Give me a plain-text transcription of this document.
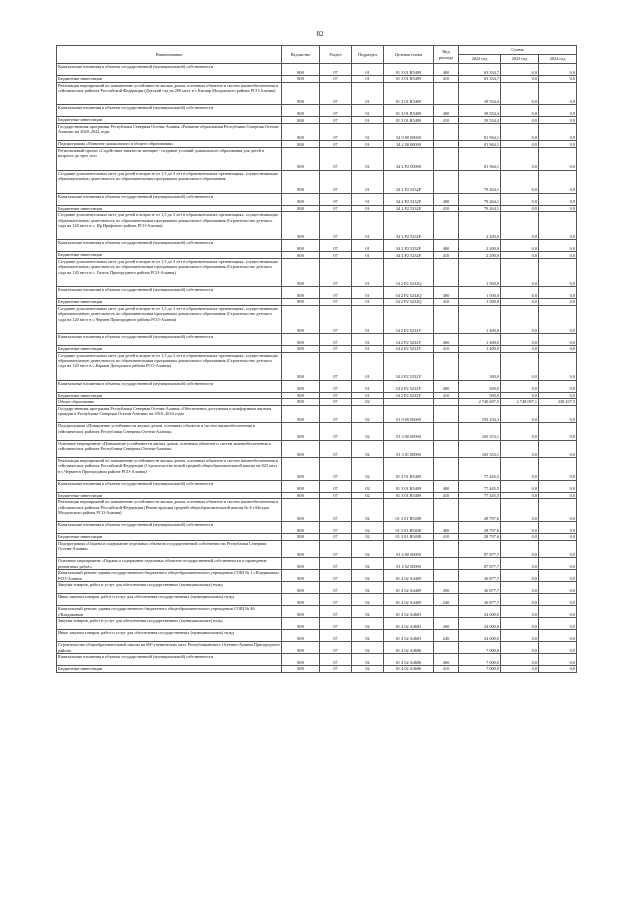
82
Наименование	Ведомство	Раздел	Подраздел	Целевая статья	Вид расхода	Сумма		
						2022 год	2023 год	2024 год
Капитальные вложения в объекты государственной (муниципальной) собственности	808	07	01	01 3 01 R5409	400	63 334,7	0,0	0,0
Бюджетные инвестиции	808	07	01	01 3 01 R5409	410	63 334,7	0,0	0,0
Реализация мероприятий по повышению устойчивости жилых домов, основных объектов и систем жизнеобеспечения в сейсмических районах Российской Федерации (Детский сад на 280 мест в с.Кизляр Моздокского района РСО-Алания)	808	07	01	01 3 01 R5409		39 554,4	0,0	0,0
Капитальные вложения в объекты государственной (муниципальной) собственности	808	07	01	01 3 01 R5409	400	39 554,4	0,0	0,0
Бюджетные инвестиции	808	07	01	01 3 01 R5409	410	39 554,4	0,0	0,0
Государственная программа Республики Северная Осетия-Алания «Развитие образования Республики Северная Осетия-Алания» на 2020–2024 годы	808	07	01	34 0 00 00000		81 964,1	0,0	0,0
Подпрограмма «Развитие дошкольного и общего образования»	808	07	01	34 2 00 00000		81 964,1	0,0	0,0
Региональный проект «Содействие занятости женщин - создание условий дошкольного образования для детей в возрасте до трех лет»	808	07	01	34 2 P2 00000		81 964,1	0,0	0,0
Создание дополнительных мест для детей в возрасте от 1,5 до 3 лет в образовательных организациях, осуществляющих образовательную деятельность по образовательным программам дошкольного образования	808	07	01	34 2 P2 5232F		79 264,1	0,0	0,0
Капитальные вложения в объекты государственной (муниципальной) собственности	808	07	01	34 2 P2 5232F	400	79 264,1	0,0	0,0
Бюджетные инвестиции	808	07	01	34 2 P2 5232F	410	79 264,1	0,0	0,0
Создание дополнительных мест для детей в возрасте от 1,5 до 3 лет в образовательных организациях, осуществляющих образовательную деятельность по образовательным программам дошкольного образования (Строительство детского сада на 120 мест в с. Ир Ирафского района РСО-Алания)	808	07	01	34 2 P2 5232F		2 200,0	0,0	0,0
Капитальные вложения в объекты государственной (муниципальной) собственности	808	07	01	34 2 P2 5232F	400	2 200,0	0,0	0,0
Бюджетные инвестиции	808	07	01	34 2 P2 5232F	410	2 200,0	0,0	0,0
Создание дополнительных мест для детей в возрасте от 1,5 до 3 лет в образовательных организациях, осуществляющих образовательную деятельность по образовательным программам дошкольного образования (Строительство детского сада на 120 мест в с. Гизель Пригородного района РСО-Алания)	808	07	01	34 2 P2 5232Q		1 500,0	0,0	0,0
Капитальные вложения в объекты государственной (муниципальной) собственности	808	07	01	34 2 P2 5232Q	400	1 500,0	0,0	0,0
Бюджетные инвестиции	808	07	01	34 2 P2 5232Q	410	1 500,0	0,0	0,0
Создание дополнительных мест для детей в возрасте от 1,5 до 3 лет в образовательных организациях, осуществляющих образовательную деятельность по образовательным программам дошкольного образования (Строительство детского сада на 120 мест в с.Чермен Пригородного района РСО-Алания)	808	07	01	34 2 P2 5232V		1 400,0	0,0	0,0
Капитальные вложения в объекты государственной (муниципальной) собственности	808	07	01	34 2 P2 5232V	400	1 400,0	0,0	0,0
Бюджетные инвестиции	808	07	01	34 2 P2 5232V	410	1 400,0	0,0	0,0
Создание дополнительных мест для детей в возрасте от 1,5 до 3 лет в образовательных организациях, осуществляющих образовательную деятельность по образовательным программам дошкольного образования (Строительство детского сада на 120 мест в с.Карман Дигорского района РСО-Алания)	808	07	01	34 2 P2 5232Y		300,0	0,0	0,0
Капитальные вложения в объекты государственной (муниципальной) собственности	808	07	01	34 2 P2 5232Y	400	300,0	0,0	0,0
Бюджетные инвестиции	808	07	01	34 2 P2 5232Y	410	300,0	0,0	0,0
Общее образование	808	07	02			2 740 697,5	2 748 097,1	238 437,5
Государственная программа Республики Северная Осетия-Алания «Обеспечение доступным и комфортным жильем граждан в Республике Северная Осетия-Алания» на 2016–2024 годы	808	07	02	01 0 00 00000		193 234,3	0,0	0,0
Подпрограмма «Повышение устойчивости жилых домов, основных объектов и систем жизнеобеспечения в сейсмических районах Республики Северная Осетия-Алания»	808	07	02	01 3 00 00000		165 353,1	0,0	0,0
Основное мероприятие «Повышение устойчивости жилых домов, основных объектов и систем жизнеобеспечения в сейсмических районах Республики Северная Осетия-Алания»	808	07	02	01 3 01 00000		165 353,1	0,0	0,0
Реализация мероприятий по повышению устойчивости жилых домов, основных объектов и систем жизнеобеспечения в сейсмических районах Российской Федерации (Строительство новой средней общеобразовательной школы на 825 мест в с.Чермен в Пригородном районе РСО-Алания)	808	07	02	01 3 01 R5409		77 445,5	0,0	0,0
Капитальные вложения в объекты государственной (муниципальной) собственности	808	07	02	01 3 01 R5409	400	77 445,5	0,0	0,0
Бюджетные инвестиции	808	07	02	01 3 01 R5409	410	77 445,5	0,0	0,0
Реализация мероприятий по повышению устойчивости жилых домов, основных объектов и систем жизнеобеспечения в сейсмических районах Российской Федерации (Реконструкция средней общеобразовательной школы № 6 г.Моздок Моздокского района РСО-Алания)	808	07	02	01 3 01 R540E		28 797,6	0,0	0,0
Капитальные вложения в объекты государственной (муниципальной) собственности	808	07	02	01 3 01 R540E	400	28 797,6	0,0	0,0
Бюджетные инвестиции	808	07	02	01 3 01 R540E	410	28 797,6	0,0	0,0
Подпрограмма «Охрана и содержание отдельных объектов государственной собственности Республики Северная Осетия-Алания»	808	07	02	01 4 00 00000		87 877,7	0,0	0,0
Основное мероприятие «Охрана и содержание отдельных объектов государственной собственности и проведение ремонтных работ»	808	07	02	01 4 02 00000		87 877,7	0,0	0,0
Капитальный ремонт здания государственного бюджетного общеобразовательного учреждения СОШ № 1 г.Владикавказ РСО-Алания	808	07	02	01 4 02 A4469		36 877,7	0,0	0,0
Закупка товаров, работ и услуг для обеспечения государственных (муниципальных) нужд	808	07	02	01 4 02 A4469	200	36 877,7	0,0	0,0
Иные закупки товаров, работ и услуг для обеспечения государственных (муниципальных) нужд	808	07	02	01 4 02 A4469	240	36 877,7	0,0	0,0
Капитальный ремонт здания государственного бюджетного общеобразовательного учреждения СОШ № 46 г.Владикавказ	808	07	02	01 4 02 A4683		24 000,0	0,0	0,0
Закупка товаров, работ и услуг для обеспечения государственных (муниципальных) нужд	808	07	02	01 4 02 A4683	200	24 000,0	0,0	0,0
Иные закупки товаров, работ и услуг для обеспечения государственных (муниципальных) нужд	808	07	02	01 4 02 A4683	240	24 000,0	0,0	0,0
Строительство общеобразовательной школы на 600 ученических мест Республиканского Осетино-Алания Пригородного района	808	07	02	01 4 02 A4686		7 000,0	0,0	0,0
Капитальные вложения в объекты государственной (муниципальной) собственности	808	07	02	01 4 02 A4686	400	7 000,0	0,0	0,0
Бюджетные инвестиции	808	07	02	01 4 02 A4686	410	7 000,0	0,0	0,0
